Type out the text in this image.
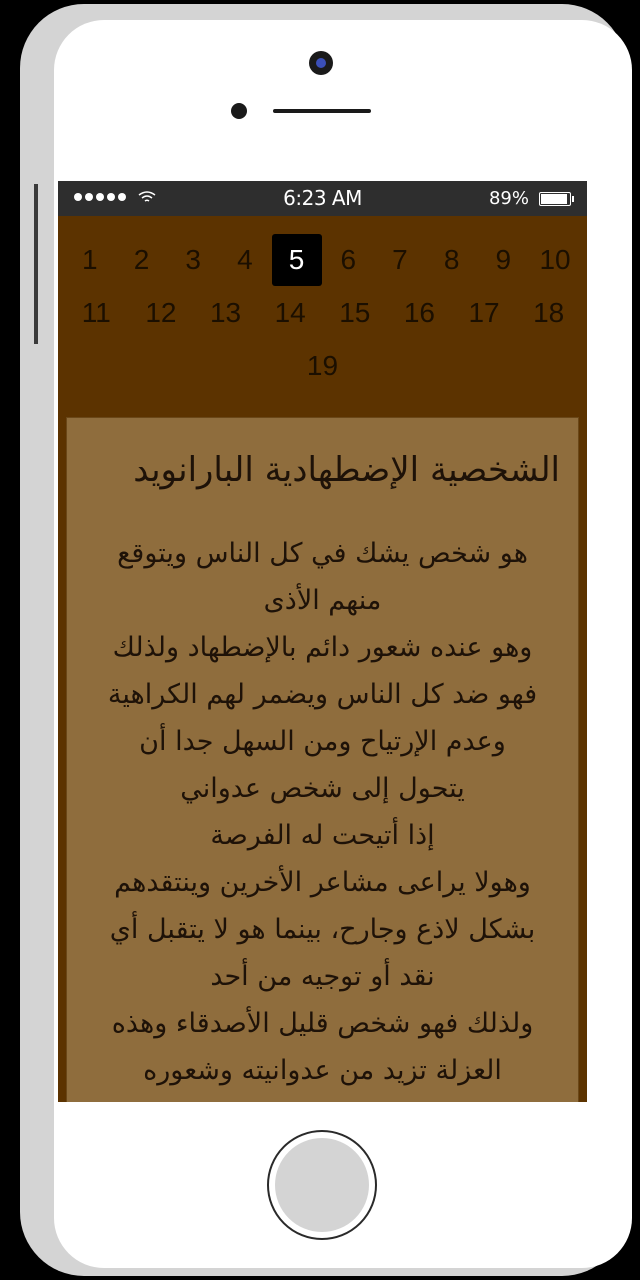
6:23 AM	89%
1	2	3	4	5	6	7	8	9	10
11	12	13	14	15	16	17	18
19
الشخصية الإضطهادية البارانويد

هو شخص يشك في كل الناس ويتوقع
منهم الأذى
وهو عنده شعور دائم بالإضطهاد ولذلك
فهو ضد كل الناس ويضمر لهم الكراهية
وعدم الإرتياح ومن السهل جدا أن
يتحول إلى شخص عدواني
إذا أتيحت له الفرصة
وهولا يراعى مشاعر الأخرين وينتقدهم
بشكل لاذع وجارح، بينما هو لا يتقبل أي
نقد أو توجيه من أحد
ولذلك فهو شخص قليل الأصدقاء وهذه
العزلة تزيد من عدوانيته وشعوره
